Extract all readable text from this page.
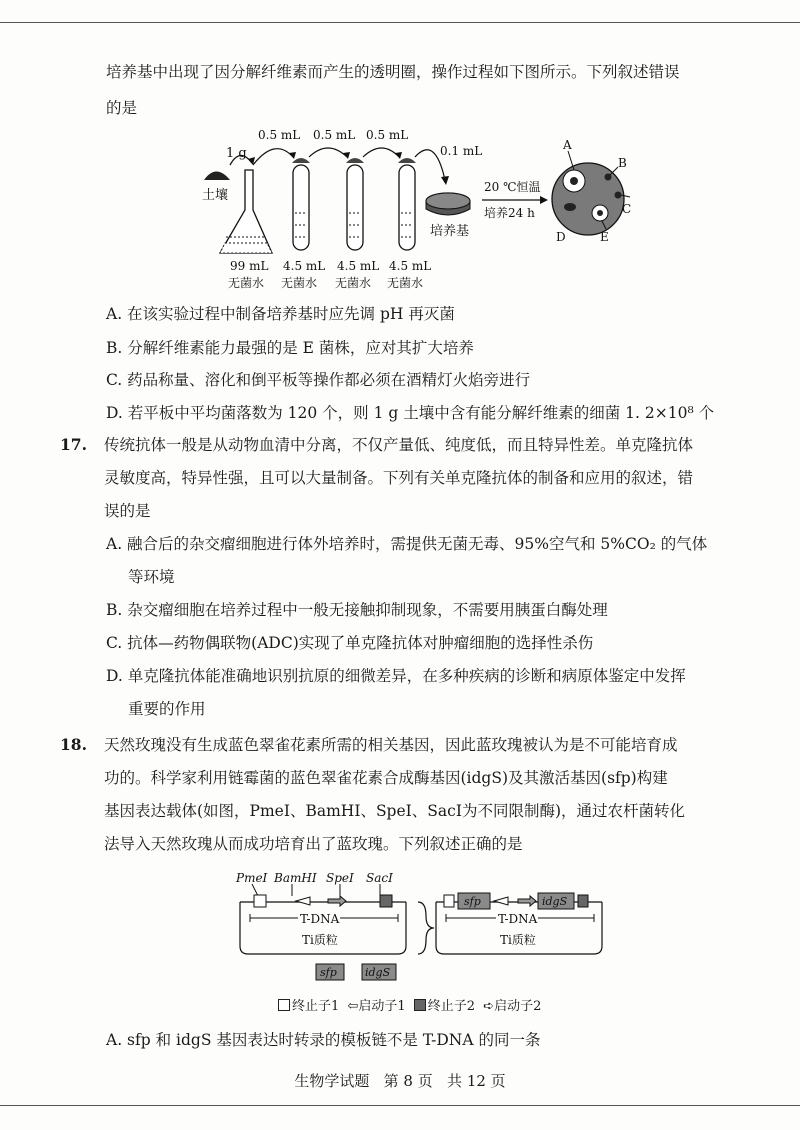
培养基中出现了因分解纤维素而产生的透明圈，操作过程如下图所示。下列叙述错误
的是
土壤
1 g
99 mL
无菌水
0.5 mL 0.5 mL 0.5 mL
0.1 mL
4.5 mL
无菌水
4.5 mL
无菌水
4.5 mL
无菌水
培养基
20 ℃恒温
培养24 h
A
B
C
D	E
A. 在该实验过程中制备培养基时应先调 pH 再灭菌
B. 分解纤维素能力最强的是 E 菌株，应对其扩大培养
C. 药品称量、溶化和倒平板等操作都必须在酒精灯火焰旁进行
D. 若平板中平均菌落数为 120 个，则 1 g 土壤中含有能分解纤维素的细菌 1. 2×10⁸ 个
17. 传统抗体一般是从动物血清中分离，不仅产量低、纯度低，而且特异性差。单克隆抗体
灵敏度高，特异性强，且可以大量制备。下列有关单克隆抗体的制备和应用的叙述，错
误的是
A. 融合后的杂交瘤细胞进行体外培养时，需提供无菌无毒、95%空气和 5%CO₂ 的气体
等环境
B. 杂交瘤细胞在培养过程中一般无接触抑制现象，不需要用胰蛋白酶处理
C. 抗体—药物偶联物(ADC)实现了单克隆抗体对肿瘤细胞的选择性杀伤
D. 单克隆抗体能准确地识别抗原的细微差异，在多种疾病的诊断和病原体鉴定中发挥
重要的作用
18. 天然玫瑰没有生成蓝色翠雀花素所需的相关基因，因此蓝玫瑰被认为是不可能培育成
功的。科学家利用链霉菌的蓝色翠雀花素合成酶基因(idgS)及其激活基因(sfp)构建
基因表达载体(如图，PmeⅠ、BamHⅠ、SpeⅠ、SacⅠ为不同限制酶)，通过农杆菌转化
法导入天然玫瑰从而成功培育出了蓝玫瑰。下列叙述正确的是
PmeⅠ BamHⅠ SpeⅠ SacⅠ
T-DNA
Ti质粒
sfp	idgS
T-DNA
Ti质粒
sfp	idgS
终止子1 ⇦启动子1 终止子2 ➪启动子2
A. sfp 和 idgS 基因表达时转录的模板链不是 T-DNA 的同一条
生物学试题 第 8 页 共 12 页
